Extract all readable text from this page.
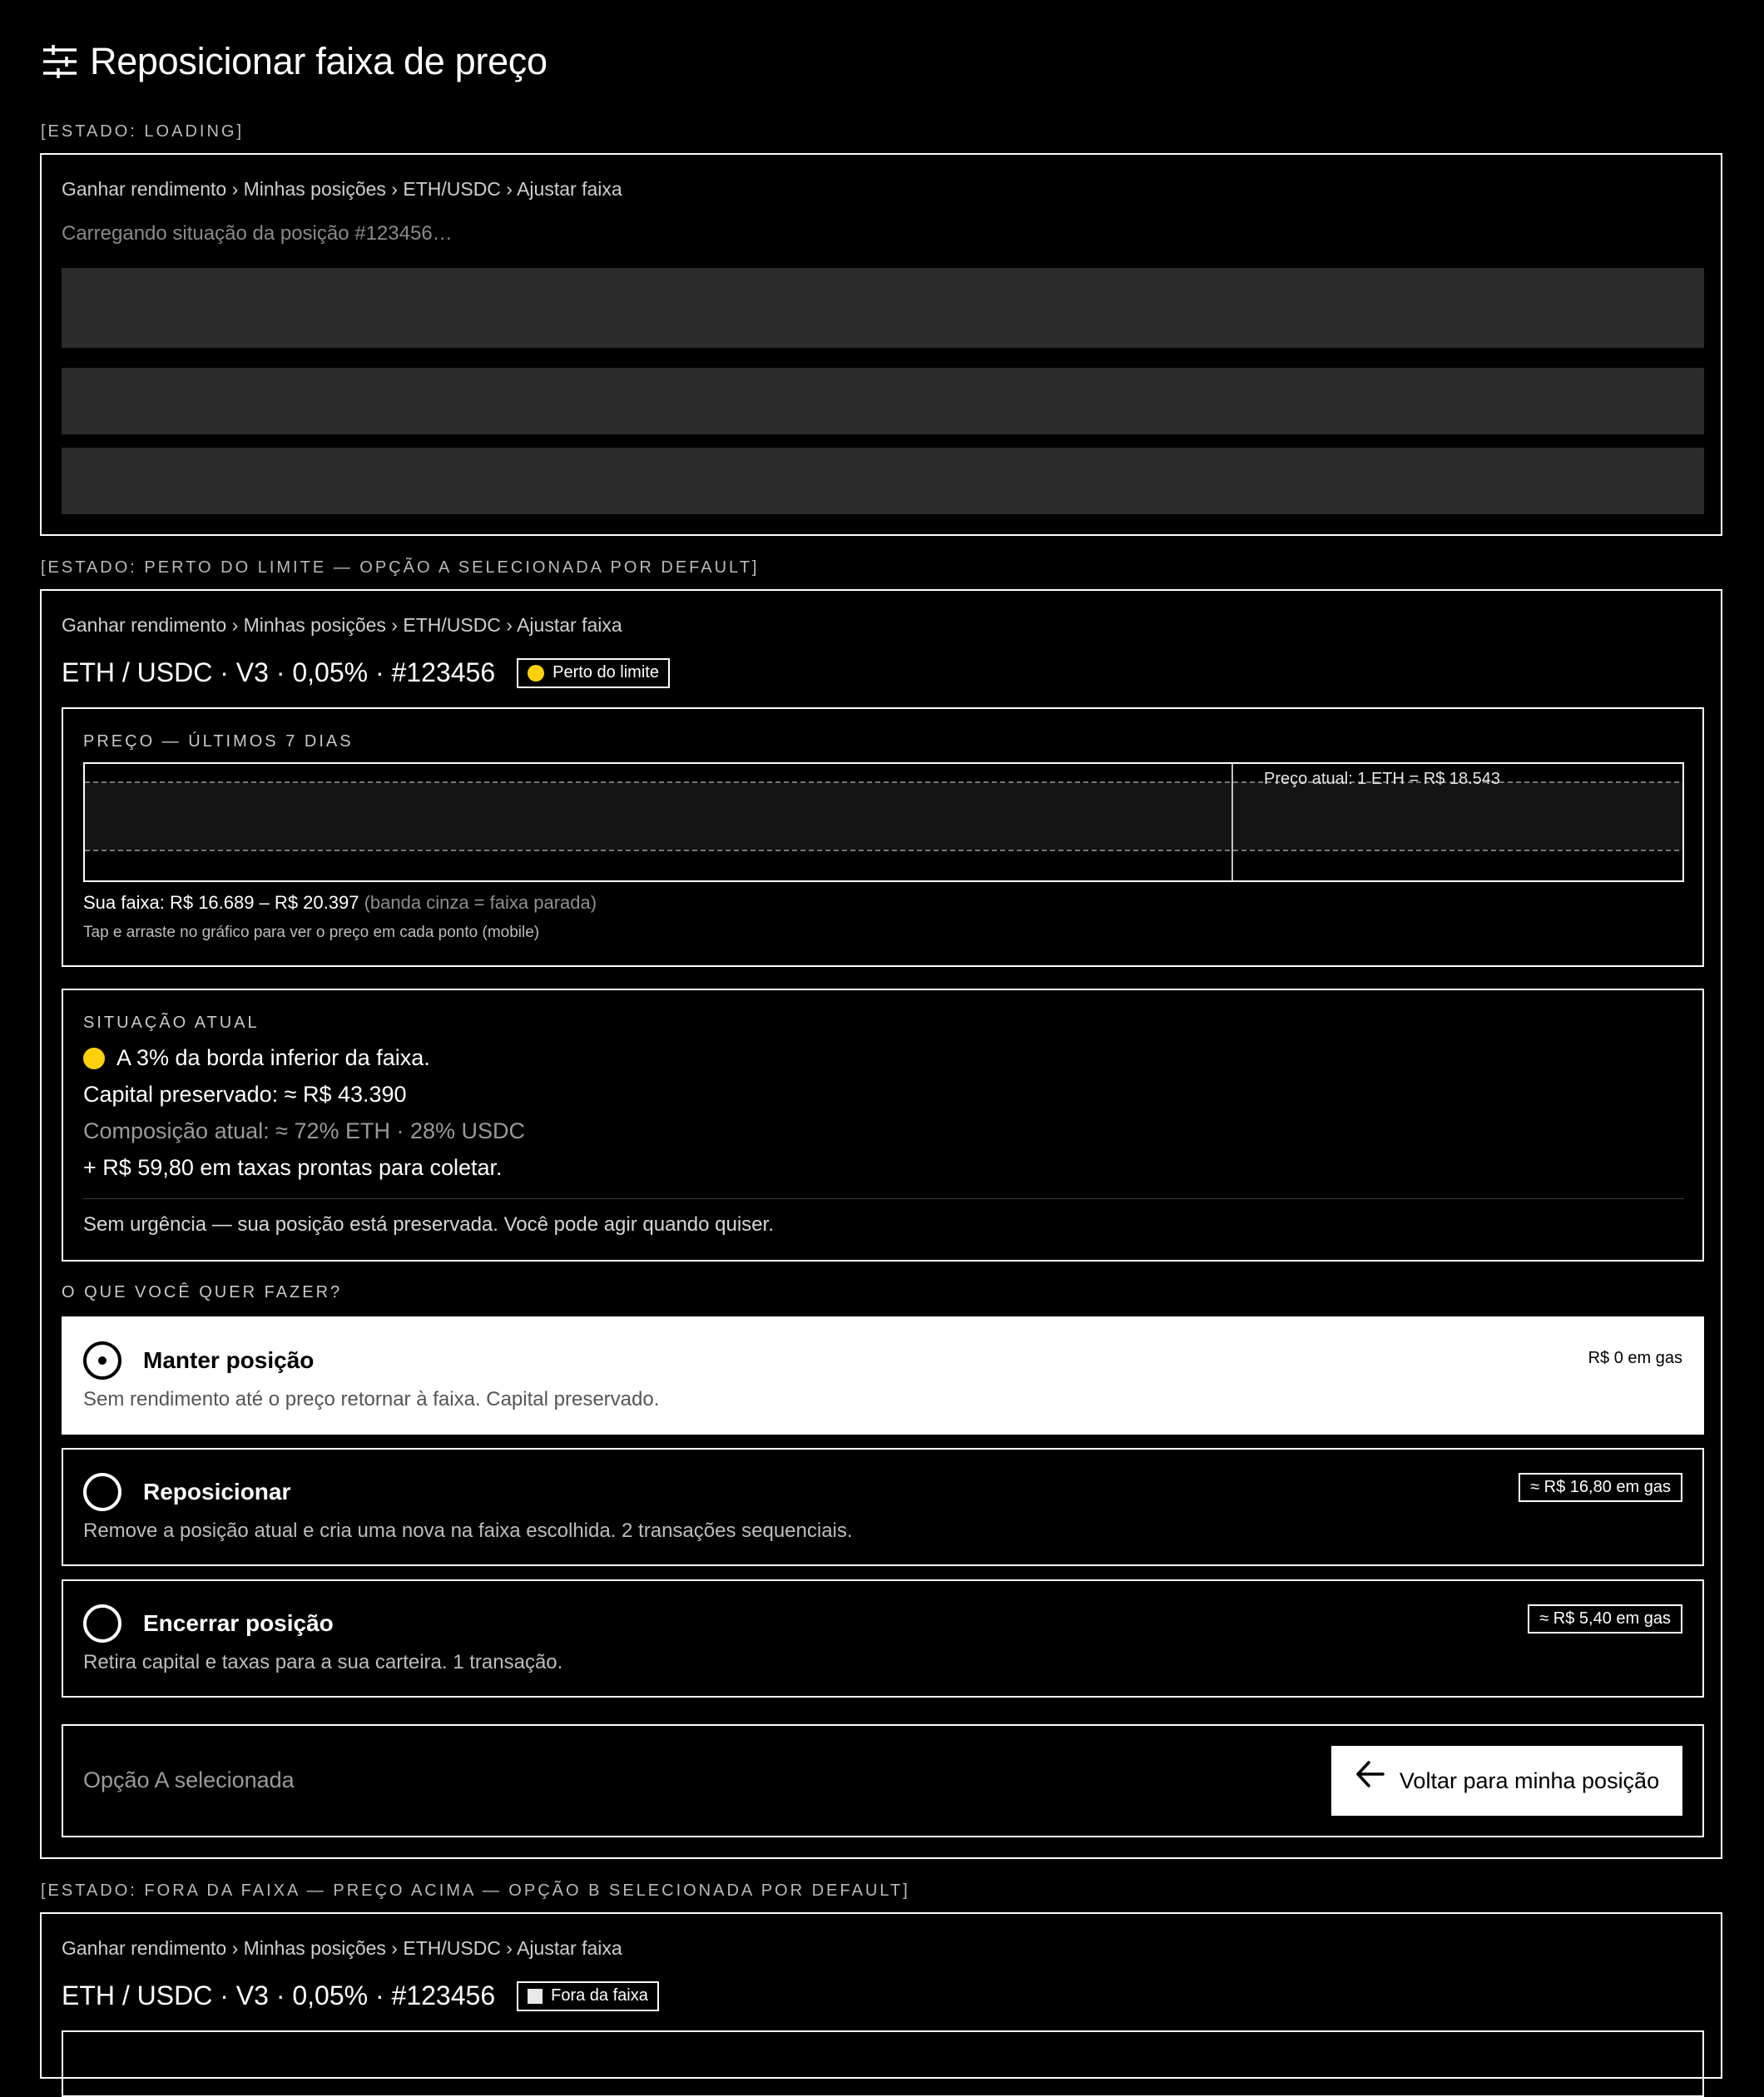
Reposicionar faixa de preço
[ESTADO: LOADING]
Ganhar rendimento › Minhas posições › ETH/USDC › Ajustar faixa
Carregando situação da posição #123456…
[ESTADO: PERTO DO LIMITE — OPÇÃO A SELECIONADA POR DEFAULT]
Ganhar rendimento › Minhas posições › ETH/USDC › Ajustar faixa
ETH / USDC · V3 · 0,05% · #123456	Perto do limite
PREÇO — ÚLTIMOS 7 DIAS
Preço atual: 1 ETH = R$ 18.543
Sua faixa: R$ 16.689 – R$ 20.397 (banda cinza = faixa parada)
Tap e arraste no gráfico para ver o preço em cada ponto (mobile)
SITUAÇÃO ATUAL
A 3% da borda inferior da faixa.
Capital preservado: ≈ R$ 43.390
Composição atual: ≈ 72% ETH · 28% USDC
+ R$ 59,80 em taxas prontas para coletar.
Sem urgência — sua posição está preservada. Você pode agir quando quiser.
O QUE VOCÊ QUER FAZER?
Manter posição
Sem rendimento até o preço retornar à faixa. Capital preservado.
R$ 0 em gas
Reposicionar
Remove a posição atual e cria uma nova na faixa escolhida. 2 transações sequenciais.
≈ R$ 16,80 em gas
Encerrar posição
Retira capital e taxas para a sua carteira. 1 transação.
≈ R$ 5,40 em gas
Opção A selecionada	Voltar para minha posição
[ESTADO: FORA DA FAIXA — PREÇO ACIMA — OPÇÃO B SELECIONADA POR DEFAULT]
Ganhar rendimento › Minhas posições › ETH/USDC › Ajustar faixa
ETH / USDC · V3 · 0,05% · #123456	Fora da faixa
